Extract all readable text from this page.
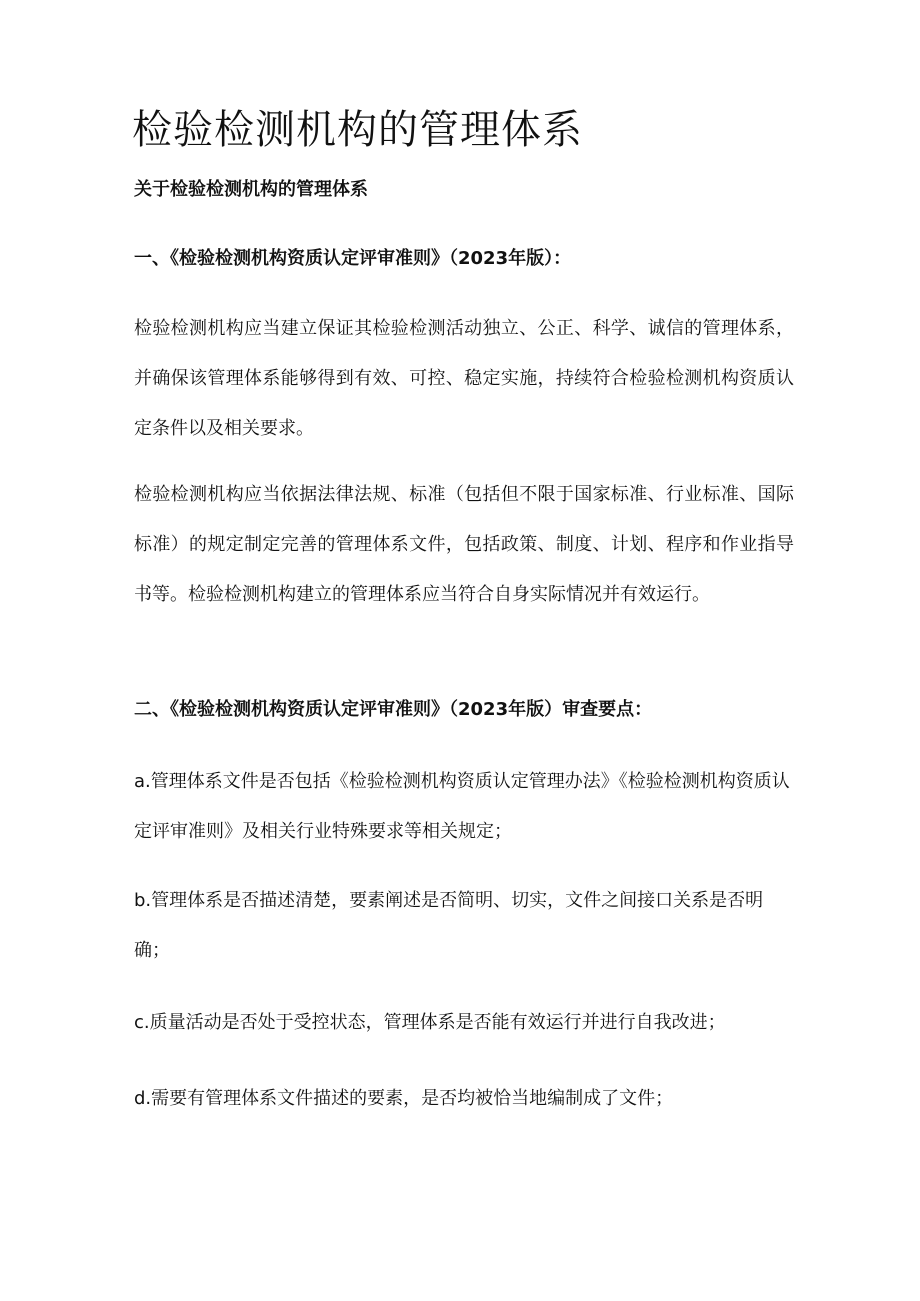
检验检测机构的管理体系

关于检验检测机构的管理体系

一、《检验检测机构资质认定评审准则》（2023年版）：

检验检测机构应当建立保证其检验检测活动独立、公正、科学、诚信的管理体系，并确保该管理体系能够得到有效、可控、稳定实施，持续符合检验检测机构资质认定条件以及相关要求。

检验检测机构应当依据法律法规、标准（包括但不限于国家标准、行业标准、国际标准）的规定制定完善的管理体系文件，包括政策、制度、计划、程序和作业指导书等。检验检测机构建立的管理体系应当符合自身实际情况并有效运行。

二、《检验检测机构资质认定评审准则》（2023年版）审查要点：

a.管理体系文件是否包括《检验检测机构资质认定管理办法》《检验检测机构资质认定评审准则》及相关行业特殊要求等相关规定；

b.管理体系是否描述清楚，要素阐述是否简明、切实，文件之间接口关系是否明确；

c.质量活动是否处于受控状态，管理体系是否能有效运行并进行自我改进；

d.需要有管理体系文件描述的要素，是否均被恰当地编制成了文件；
